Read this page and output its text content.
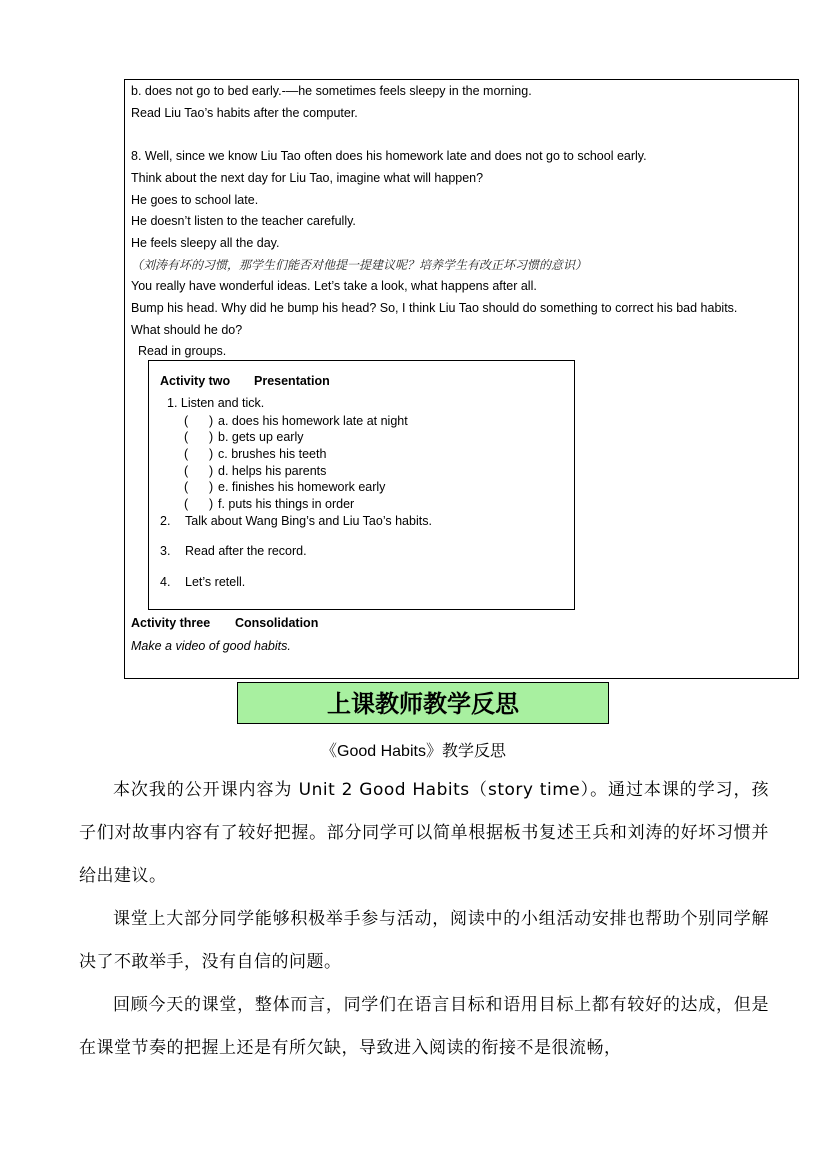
b. does not go to bed early.-—he sometimes feels sleepy in the morning.
Read Liu Tao’s habits after the computer.
8. Well, since we know Liu Tao often does his homework late and does not go to school early.
Think about the next day for Liu Tao, imagine what will happen?
He goes to school late.
He doesn’t listen to the teacher carefully.
He feels sleepy all the day.
（刘涛有坏的习惯，那学生们能否对他提一提建议呢？培养学生有改正坏习惯的意识）
You really have wonderful ideas. Let’s take a look, what happens after all.
Bump his head. Why did he bump his head? So, I think Liu Tao should do something to correct his bad habits.
What should he do?
Read in groups.
Activity two Presentation
1. Listen and tick.
( ) a. does his homework late at night
( ) b. gets up early
( ) c. brushes his teeth
( ) d. helps his parents
( ) e. finishes his homework early
( ) f. puts his things in order
2. Talk about Wang Bing’s and Liu Tao’s habits.
3. Read after the record.
4. Let’s retell.
Activity three Consolidation
Make a video of good habits.
上课教师教学反思
《Good Habits》教学反思
本次我的公开课内容为 Unit 2 Good Habits（story time）。通过本课的学习，孩子们对故事内容有了较好把握。部分同学可以简单根据板书复述王兵和刘涛的好坏习惯并给出建议。
课堂上大部分同学能够积极举手参与活动，阅读中的小组活动安排也帮助个别同学解决了不敢举手，没有自信的问题。
回顾今天的课堂，整体而言，同学们在语言目标和语用目标上都有较好的达成，但是在课堂节奏的把握上还是有所欠缺，导致进入阅读的衔接不是很流畅，
